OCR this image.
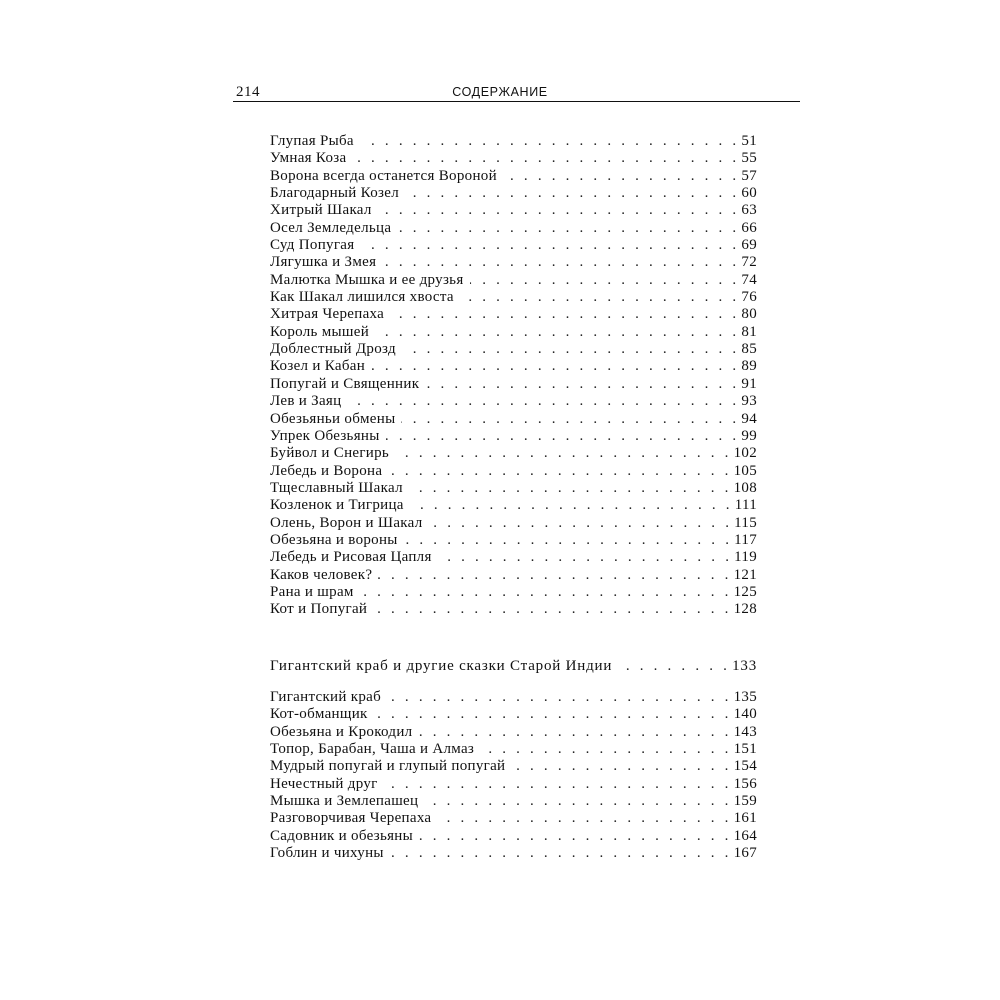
214	СОДЕРЖАНИЕ
Глупая Рыба . . .	51
Умная Коза . . .	55
Ворона всегда останется Вороной . . .	57
Благодарный Козел . . .	60
Хитрый Шакал . . .	63
Осел Земледельца . . .	66
Суд Попугая . . .	69
Лягушка и Змея . . .	72
Малютка Мышка и ее друзья . . .	74
Как Шакал лишился хвоста . . .	76
Хитрая Черепаха . . .	80
Король мышей . . .	81
Доблестный Дрозд . . .	85
Козел и Кабан . . .	89
Попугай и Священник . . .	91
Лев и Заяц . . .	93
Обезьяньи обмены . . .	94
Упрек Обезьяны . . .	99
Буйвол и Снегирь . . .	102
Лебедь и Ворона . . .	105
Тщеславный Шакал . . .	108
Козленок и Тигрица . . .	111
Олень, Ворон и Шакал . . .	115
Обезьяна и вороны . . .	117
Лебедь и Рисовая Цапля . . .	119
Каков человек? . . .	121
Рана и шрам . . .	125
Кот и Попугай . . .	128
Гигантский краб и другие сказки Старой Индии . . .	133
Гигантский краб . . .	135
Кот-обманщик . . .	140
Обезьяна и Крокодил . . .	143
Топор, Барабан, Чаша и Алмаз . . .	151
Мудрый попугай и глупый попугай . . .	154
Нечестный друг . . .	156
Мышка и Землепашец . . .	159
Разговорчивая Черепаха . . .	161
Садовник и обезьяны . . .	164
Гоблин и чихуны . . .	167
